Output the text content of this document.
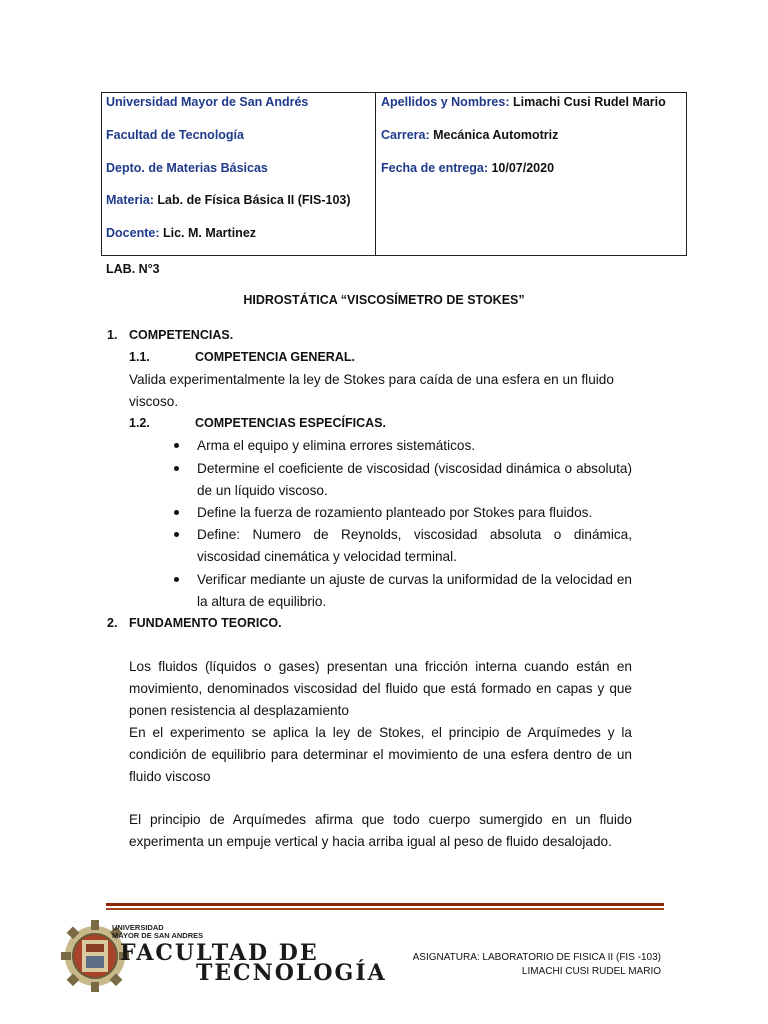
Universidad Mayor de San Andrés
Facultad de Tecnología
Depto. de Materias Básicas
Materia: Lab. de Física Básica II (FIS-103)
Docente: Lic. M. Martinez
Apellidos y Nombres: Limachi Cusi Rudel Mario
Carrera: Mecánica Automotriz
Fecha de entrega: 10/07/2020
LAB. N°3
HIDROSTÁTICA “VISCOSÍMETRO DE STOKES”
1. COMPETENCIAS.
1.1.	COMPETENCIA GENERAL.
Valida experimentalmente la ley de Stokes para caída de una esfera en un fluido
viscoso.
1.2.	COMPETENCIAS ESPECÍFICAS.
Arma el equipo y elimina errores sistemáticos.
Determine el coeficiente de viscosidad (viscosidad dinámica o absoluta) de un líquido viscoso.
Define la fuerza de rozamiento planteado por Stokes para fluidos.
Define: Numero de Reynolds, viscosidad absoluta o dinámica, viscosidad cinemática y velocidad terminal.
Verificar mediante un ajuste de curvas la uniformidad de la velocidad en la altura de equilibrio.
2. FUNDAMENTO TEORICO.
Los fluidos (líquidos o gases) presentan una fricción interna cuando están en movimiento, denominados viscosidad del fluido que está formado en capas y que ponen resistencia al desplazamiento
En el experimento se aplica la ley de Stokes, el principio de Arquímedes y la condición de equilibrio para determinar el movimiento de una esfera dentro de un fluido viscoso
El principio de Arquímedes afirma que todo cuerpo sumergido en un fluido experimenta un empuje vertical y hacia arriba igual al peso de fluido desalojado.
UNIVERSIDAD
MAYOR DE SAN ANDRES
FACULTAD DE
TECNOLOGÍA
ASIGNATURA: LABORATORIO DE FISICA II (FIS -103)
LIMACHI CUSI RUDEL MARIO
